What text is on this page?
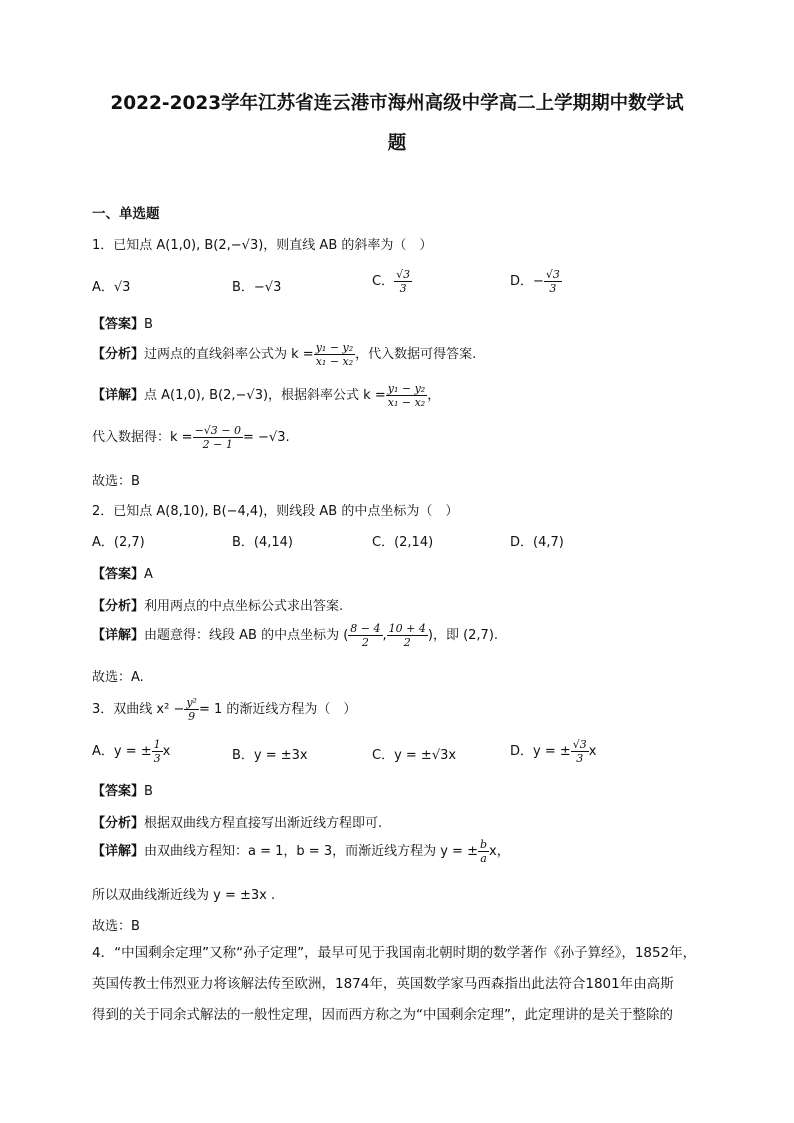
2022-2023学年江苏省连云港市海州高级中学高二上学期期中数学试
题
一、单选题
1．已知点 A(1,0), B(2,−√3)，则直线 AB 的斜率为（　）
A．√3	B．−√3	C． $\frac{√3}{3}$	D．− $\frac{√3}{3}$
【答案】B
【分析】过两点的直线斜率公式为 $k = \frac{\text{y₁ − y₂}}{\text{x₁ − x₂}}$ ，代入数据可得答案.
【详解】点 A(1,0), B(2,−√3)，根据斜率公式 $k = \frac{\text{y₁ − y₂}}{\text{x₁ − x₂}}$ ，
代入数据得：$k = \frac{-√3 - 0}{2 - 1} = -√3$.
故选：B
2．已知点 A(8,10), B(−4,4)，则线段 AB 的中点坐标为（　）
A．(2,7)	B．(4,14)	C．(2,14)	D．(4,7)
【答案】A
【分析】利用两点的中点坐标公式求出答案.
【详解】由题意得：线段 AB 的中点坐标为 ( $\frac{8 - 4}{2}$ , $\frac{10 + 4}{2}$ )，即 (2,7).
故选：A.
3．双曲线 $x^2 - \frac{\text{y²}}{9} = 1$ 的渐近线方程为（　）
A．y = ± $\frac{1}{3}$ x	B．y = ±3x	C．y = ±√3x	D．y = ± $\frac{√3}{3}$ x
【答案】B
【分析】根据双曲线方程直接写出渐近线方程即可.
【详解】由双曲线方程知：a = 1，b = 3，而渐近线方程为 y = ± $\frac{b}{a}$ x，
所以双曲线渐近线为 y = ±3x .
故选：B
4．“中国剩余定理”又称“孙子定理”，最早可见于我国南北朝时期的数学著作《孙子算经》，1852年，
英国传教士伟烈亚力将该解法传至欧洲，1874年，英国数学家马西森指出此法符合1801年由高斯
得到的关于同余式解法的一般性定理，因而西方称之为“中国剩余定理”，此定理讲的是关于整除的
